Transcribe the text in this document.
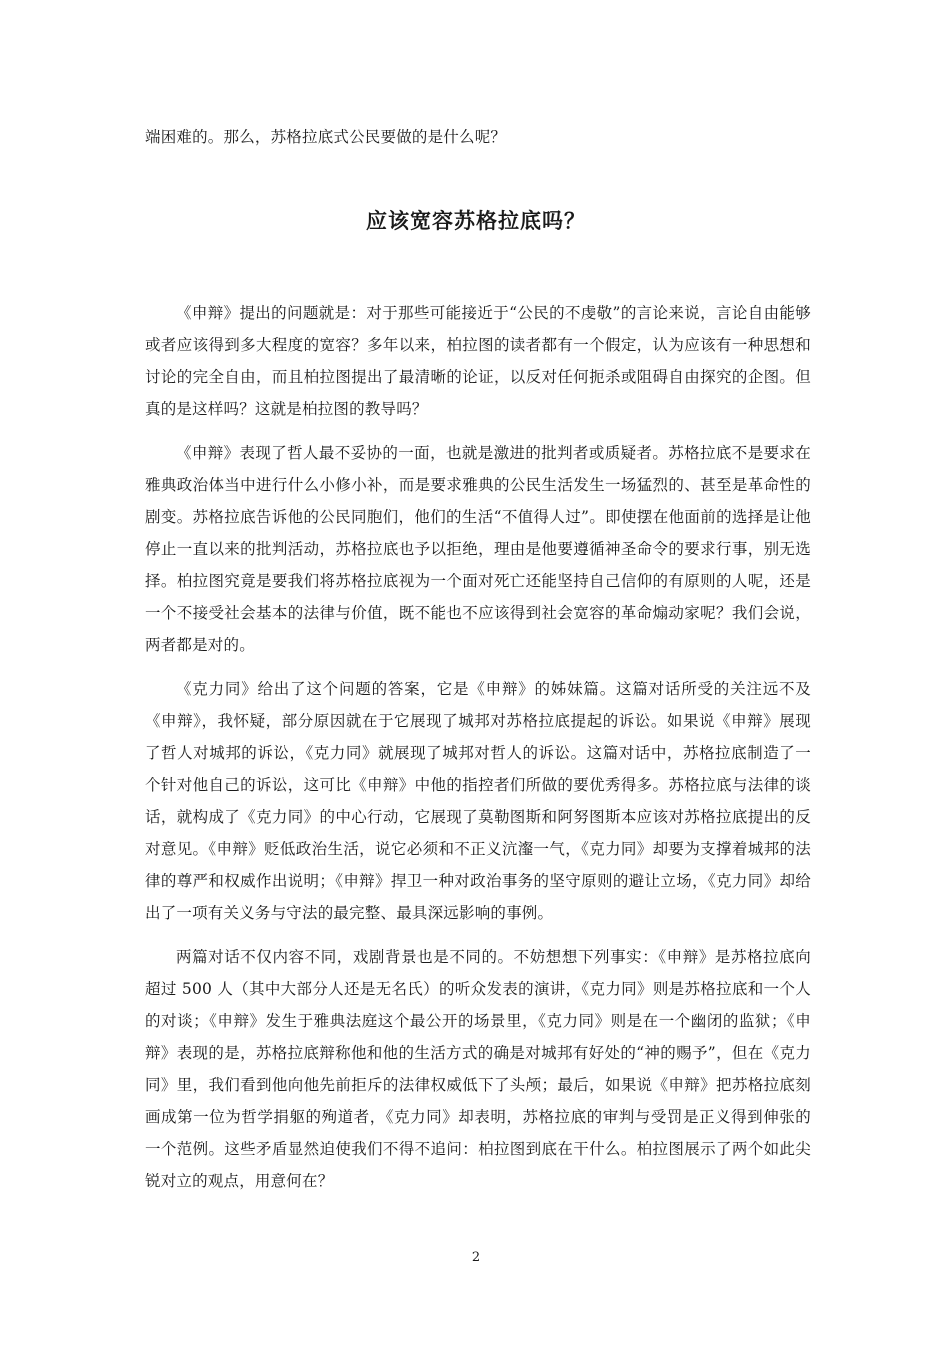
端困难的。那么，苏格拉底式公民要做的是什么呢？
应该宽容苏格拉底吗？

《申辩》提出的问题就是：对于那些可能接近于“公民的不虔敬”的言论来说，言论自由能够或者应该得到多大程度的宽容？多年以来，柏拉图的读者都有一个假定，认为应该有一种思想和讨论的完全自由，而且柏拉图提出了最清晰的论证，以反对任何扼杀或阻碍自由探究的企图。但真的是这样吗？这就是柏拉图的教导吗？

《申辩》表现了哲人最不妥协的一面，也就是激进的批判者或质疑者。苏格拉底不是要求在雅典政治体当中进行什么小修小补，而是要求雅典的公民生活发生一场猛烈的、甚至是革命性的剧变。苏格拉底告诉他的公民同胞们，他们的生活“不值得人过”。即使摆在他面前的选择是让他停止一直以来的批判活动，苏格拉底也予以拒绝，理由是他要遵循神圣命令的要求行事，别无选择。柏拉图究竟是要我们将苏格拉底视为一个面对死亡还能坚持自己信仰的有原则的人呢，还是一个不接受社会基本的法律与价值，既不能也不应该得到社会宽容的革命煽动家呢？我们会说，两者都是对的。

《克力同》给出了这个问题的答案，它是《申辩》的姊妹篇。这篇对话所受的关注远不及《申辩》，我怀疑，部分原因就在于它展现了城邦对苏格拉底提起的诉讼。如果说《申辩》展现了哲人对城邦的诉讼，《克力同》就展现了城邦对哲人的诉讼。这篇对话中，苏格拉底制造了一个针对他自己的诉讼，这可比《申辩》中他的指控者们所做的要优秀得多。苏格拉底与法律的谈话，就构成了《克力同》的中心行动，它展现了莫勒图斯和阿努图斯本应该对苏格拉底提出的反对意见。《申辩》贬低政治生活，说它必须和不正义沆瀣一气，《克力同》却要为支撑着城邦的法律的尊严和权威作出说明；《申辩》捍卫一种对政治事务的坚守原则的避让立场，《克力同》却给出了一项有关义务与守法的最完整、最具深远影响的事例。

两篇对话不仅内容不同，戏剧背景也是不同的。不妨想想下列事实：《申辩》是苏格拉底向超过 500 人（其中大部分人还是无名氏）的听众发表的演讲，《克力同》则是苏格拉底和一个人的对谈；《申辩》发生于雅典法庭这个最公开的场景里，《克力同》则是在一个幽闭的监狱；《申辩》表现的是，苏格拉底辩称他和他的生活方式的确是对城邦有好处的“神的赐予”，但在《克力同》里，我们看到他向他先前拒斥的法律权威低下了头颅；最后，如果说《申辩》把苏格拉底刻画成第一位为哲学捐躯的殉道者，《克力同》却表明，苏格拉底的审判与受罚是正义得到伸张的一个范例。这些矛盾显然迫使我们不得不追问：柏拉图到底在干什么。柏拉图展示了两个如此尖锐对立的观点，用意何在？

2
